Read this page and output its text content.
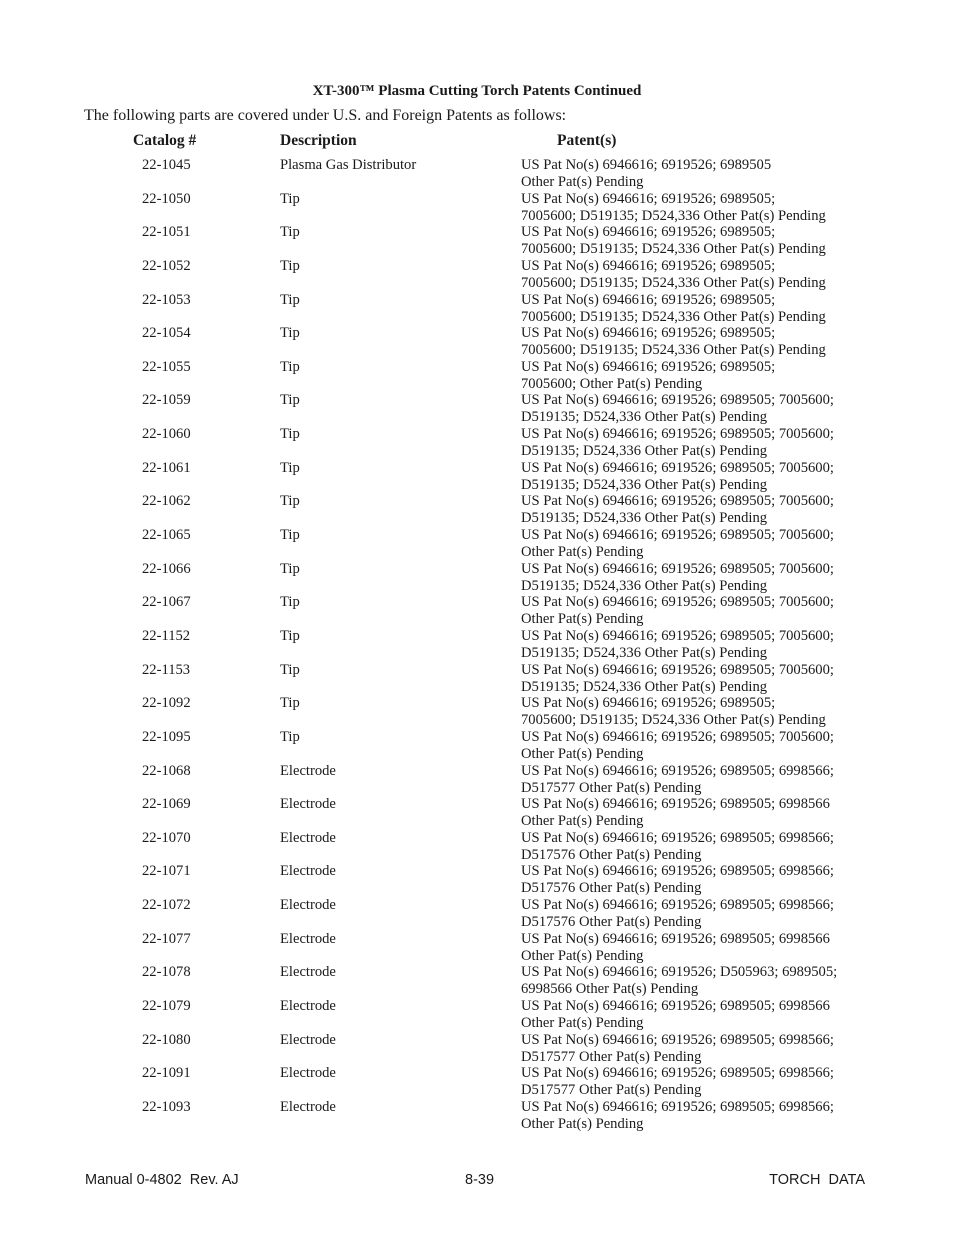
XT-300™ Plasma Cutting Torch Patents Continued
The following parts are covered under U.S. and Foreign Patents as follows:
Catalog #	Description	Patent(s)
22-1045	Plasma Gas Distributor	US Pat No(s) 6946616; 6919526; 6989505
Other Pat(s) Pending
22-1050	Tip	US Pat No(s) 6946616; 6919526; 6989505;
7005600; D519135; D524,336 Other Pat(s) Pending
22-1051	Tip	US Pat No(s) 6946616; 6919526; 6989505;
7005600; D519135; D524,336 Other Pat(s) Pending
22-1052	Tip	US Pat No(s) 6946616; 6919526; 6989505;
7005600; D519135; D524,336 Other Pat(s) Pending
22-1053	Tip	US Pat No(s) 6946616; 6919526; 6989505;
7005600; D519135; D524,336 Other Pat(s) Pending
22-1054	Tip	US Pat No(s) 6946616; 6919526; 6989505;
7005600; D519135; D524,336 Other Pat(s) Pending
22-1055	Tip	US Pat No(s) 6946616; 6919526; 6989505;
7005600; Other Pat(s) Pending
22-1059	Tip	US Pat No(s) 6946616; 6919526; 6989505; 7005600;
D519135; D524,336 Other Pat(s) Pending
22-1060	Tip	US Pat No(s) 6946616; 6919526; 6989505; 7005600;
D519135; D524,336 Other Pat(s) Pending
22-1061	Tip	US Pat No(s) 6946616; 6919526; 6989505; 7005600;
D519135; D524,336 Other Pat(s) Pending
22-1062	Tip	US Pat No(s) 6946616; 6919526; 6989505; 7005600;
D519135; D524,336 Other Pat(s) Pending
22-1065	Tip	US Pat No(s) 6946616; 6919526; 6989505; 7005600;
Other Pat(s) Pending
22-1066	Tip	US Pat No(s) 6946616; 6919526; 6989505; 7005600;
D519135; D524,336 Other Pat(s) Pending
22-1067	Tip	US Pat No(s) 6946616; 6919526; 6989505; 7005600;
Other Pat(s) Pending
22-1152	Tip	US Pat No(s) 6946616; 6919526; 6989505; 7005600;
D519135; D524,336 Other Pat(s) Pending
22-1153	Tip	US Pat No(s) 6946616; 6919526; 6989505; 7005600;
D519135; D524,336 Other Pat(s) Pending
22-1092	Tip	US Pat No(s) 6946616; 6919526; 6989505;
7005600; D519135; D524,336 Other Pat(s) Pending
22-1095	Tip	US Pat No(s) 6946616; 6919526; 6989505; 7005600;
Other Pat(s) Pending
22-1068	Electrode	US Pat No(s) 6946616; 6919526; 6989505; 6998566;
D517577 Other Pat(s) Pending
22-1069	Electrode	US Pat No(s) 6946616; 6919526; 6989505; 6998566
Other Pat(s) Pending
22-1070	Electrode	US Pat No(s) 6946616; 6919526; 6989505; 6998566;
D517576 Other Pat(s) Pending
22-1071	Electrode	US Pat No(s) 6946616; 6919526; 6989505; 6998566;
D517576 Other Pat(s) Pending
22-1072	Electrode	US Pat No(s) 6946616; 6919526; 6989505; 6998566;
D517576 Other Pat(s) Pending
22-1077	Electrode	US Pat No(s) 6946616; 6919526; 6989505; 6998566
Other Pat(s) Pending
22-1078	Electrode	US Pat No(s) 6946616; 6919526; D505963; 6989505;
6998566 Other Pat(s) Pending
22-1079	Electrode	US Pat No(s) 6946616; 6919526; 6989505; 6998566
Other Pat(s) Pending
22-1080	Electrode	US Pat No(s) 6946616; 6919526; 6989505; 6998566;
D517577 Other Pat(s) Pending
22-1091	Electrode	US Pat No(s) 6946616; 6919526; 6989505; 6998566;
D517577 Other Pat(s) Pending
22-1093	Electrode	US Pat No(s) 6946616; 6919526; 6989505; 6998566;
Other Pat(s) Pending
Manual 0-4802  Rev. AJ	8-39	TORCH  DATA
